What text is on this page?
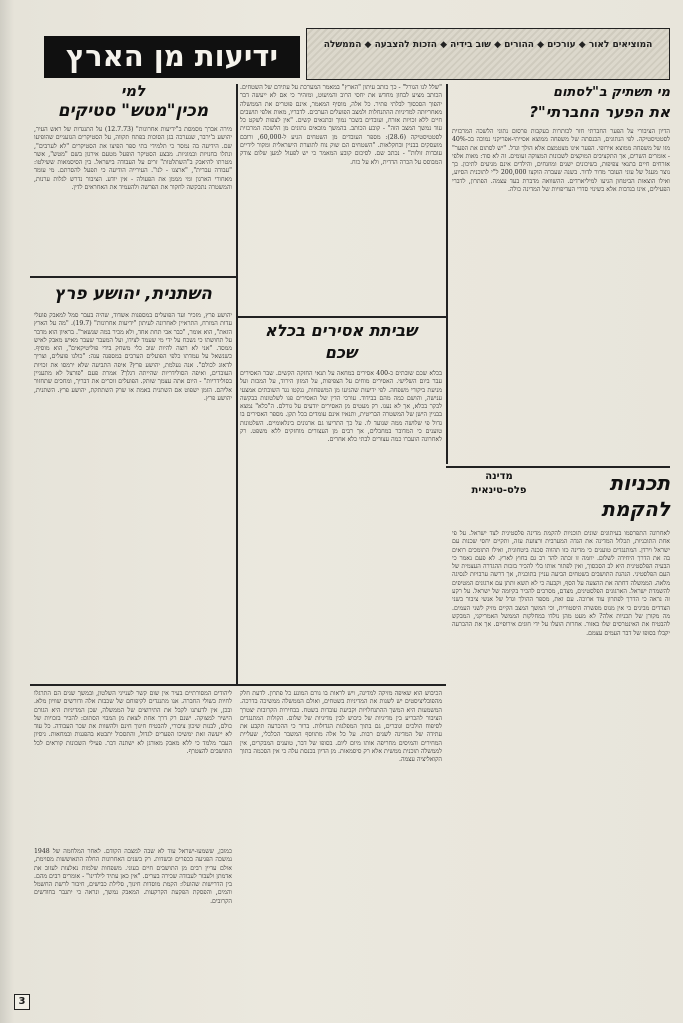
ידיעות מן הארץ	המוציאים לאור ◆ עורכים ◆ ההורים ◆ שוב בידיה ◆ הזכות להצבעה ◆ הממשלה
למי
מכין"מטש" סטיקים
מירה אברך מסמסת ב"ידיעות אחרונות" (12.7.73) על התנגדות של ראש העיר, יהושע ב'ירבר, שנערכה בגן הסוכות בפתח תקווה, על הסטיקרים הגזעניים שהופיעו שם. הידיעה בה נמסר כי תלמידי בתי ספר הפיצו את הסטיקרים "לא לערבים", ונתלו בחנויות ובמוניות. מבצע הסטיקר הופעל מטעם אירגון בשם "מטש", אשר מטרתו להיאבק ב"השתלטות" זרים על העבודה בישראל. בין הסיסמאות ששילטו: "עבודה עברית", "ארצנו - לנו". העירייה הודיעה כי תפעל להסרתם. מי עומד מאחורי הארגון ומי מממן את הפעולה - אין יודע. הציבור נדרש לגלות ערנות, והמשטרה נתבקשה לחקור את הפרשה ולהעמיד את האחראים לדין.
השתנית, יהושע פרץ
יהושע פרץ, מזכיר ועד הפועלים במספנות אשדוד, שהיה בעבר סמל למאבק פועלי עדות המזרח, התראיין לאחרונה לעיתון "ידיעות אחרונות" (19.7). "מה על הארץ הזאת", הוא אומר, "כבר אבי תחת אחד, ולא מכיר במה שנשאר". בראיון הוא מדבר על תחושתו כי נשכח על ידי מי שעמד לצידו, ועל המעבר שעבר מאיש מאבק לאיש ממסד. "אני לא רוצה להיות שוב כלי משחק בידי פוליטיקאים", הוא מוסיף. כשנשאל על עמדתו כלפי הפועלים הערבים במספנה ענה: "כולנו פועלים, וצריך לדאוג לכולם". אנה נעלמת, יהושע פרץ? איפה התביעה שלא ירמסו את זכויות העובדים, ואיפה הסולידריות שהייתה דגלך? אמרת פעם "פורצל לא מתעניין בסולידריות" - היום אתה עצמך שותק. הפועלים זוכרים את דבריך, ומחכים שתחזור אליהם. הזמן ישפוט אם השתנית באמת או שרק השתתקת, יהושע פרץ. השתנית, יהושע פרץ.
"שלל לנו הגורל" - כך כותב עיתון "הארץ" במאמר המערכת על עתידם של השטחים. הכותב מציע לבחון מחדש את יחסי הרוב והמיעוט, ומזהיר כי אם לא ייעשה דבר יהפוך הסכסוך לבלתי פתיר. כל אלה, מוסיף המאמר, אינם פוטרים את הממשלה מאחריותה למדיניות ההתנחלות ולמצב הפועלים הערבים. לדבריו, מאות אלפי תושבים חיים ללא זכויות אזרח, ועובדים בשכר נמוך ובתנאים קשים. "אין לצפות לשקט כל עוד נמשך המצב הזה" - קובע הכותב. בהמשך מובאים נתונים מן הלשכה המרכזית לסטטיסטיקה (28.6): מספר העובדים מן השטחים הגיע ל-60,000, ורובם מועסקים בבניין ובחקלאות. "השטחים הם שוק נוח לתוצרת הישראלית ומקור לידיים עובדות זולות" - נכתב שם. לסיכום קובע המאמר כי יש לפעול למען שלום צודק המבוסס על הכרה הדדית, ולא על כוח.
שביתת אסירים בכלא שכם
בכלא שכם שובתים כ-400 אסירים במחאה על תנאי החזקה הקשים. שבר האסירים עבר ביום השלישי. האסירים מוחים על הצפיפות, על המזון הירוד, על המכות ועל מניעת ביקורי משפחה. לפי ידיעות שהגיעו מן המשפחות, ננקטו נגד השובתים אמצעי ענישה, והושם כמה מהם בבידוד. עורכי הדין של האסירים פנו לשלטונות בבקשה לבקר בכלא, אך לא נענו. רק מעטים מן האסירים יודעים על גורלם. ה"כלא" נמצא בבניין הישן של המשטרה הבריטית, ותנאיו אינם עומדים בכל תקן. מספר האסירים בו גדול פי שלושה ממה שנועד לו. על כך התריעו גם ארגונים בינלאומיים. השלטונות טוענים כי המדובר במחבלים, אך רבים מן העצורים מוחזקים ללא משפט. רק לאחרונה הועברו כמה עצורים לבתי כלא אחרים.
מי תשתיק ב"לסתום
את הפער החברתי"?
הדיון הציבורי על הפער החברתי חזר לכותרות בעקבות פרסום נתוני הלשכה המרכזית לסטטיסטיקה. לפי הנתונים, הכנסתה של משפחה ממוצא אסייתי-אפריקני נמוכה בכ-40% מזו של משפחה ממוצא אירופי. הפער אינו מצטמצם אלא הולך וגדל. "יש לסתום את הפער" - אומרים השרים, אך התקציבים המוקצים לשכונות המצוקה זעומים. זה לא סוד: מאות אלפי אזרחים חיים בתנאי צפיפות, בשיכונים ישנים ומוזנחים, והילדים אינם מגיעים לתיכון. כך נוצר מעגל של עוני העובר מדור לדור. בשנה שעברה הוקצו 200,000 ל"י לתוכנית הסיוע, ואילו הוצאות הביטחון הגיעו למיליארדים. ההשוואה מדברת בעד עצמה. הפתרון, לדברי הפעילים, אינו בנדבות אלא בשינוי סדרי העדיפויות של המדינה כולה.
תכניות להקמת
מדינה פלס-טינאית
לאחרונה התפרסמו בעיתונים שונים תוכניות להקמת מדינה פלסטינית לצד ישראל. על פי אחת התוכניות, תכלול המדינה את הגדה המערבית ורצועת עזה, ותקיים יחסי שכנות עם ישראל וירדן. המתנגדים טוענים כי מדינה כזו תהווה סכנה ביטחונית, ואילו התומכים רואים בה את הדרך היחידה לשלום. יוזמה זו זכתה להד רב גם בחוץ לארץ. לא פעם נאמר כי הבעיה הפלסטינית היא לב הסכסוך, ואין לפתור אותו בלי להכיר בזכות ההגדרה העצמית של העם הפלסטיני. הנהגת התושבים בשטחים הביעה עניין בתוכנית, אך דרשה ערבויות לנסיגה מלאה. הממשלה דחתה את ההצעה על הסף, וקבעה כי לא תשא ותתן עם ארגונים המטיפים להשמדת ישראל. הארגונים הפלסטינים, מצדם, מסרבים להכיר בקיומה של ישראל. על רקע זה נראה כי הדרך לפתרון עוד ארוכה. עם זאת, מספר ההולך וגדל של אנשי ציבור בשני הצדדים מבינים כי אין מנוס מפשרה היסטורית, וכי המשך המצב הקיים מזיק לשני העמים. מה מקורן של תכניות אלה? לא מעט מהן נולדו במחלקות הממשל האמריקני, המבקש להבטיח את האינטרסים שלו באזור. אחרות הועלו על ידי חוגים אירופיים. אך את ההכרעה יקבלו בסופו של דבר העמים עצמם.
הכיבוש הוא שאיפה מזיקה למדינה, ויש לראות בו גורם המונע כל פתרון. לדעת חלק מהפובליציסטים יש לשנות את המדיניות בשטחים, ואולם הממשלה ממשיכה בדרכה. המשמעות היא המשך ההתנחלויות וקביעת עובדות בשטח. בבחירות הקרובות יצטרך הציבור להכריע בין מדיניות של כיבוש לבין מדיניות של שלום. הקולות המתנגדים לסיפוח הולכים וגוברים, גם בתוך המפלגות הגדולות. ברור כי ההכרעה תקבע את עתידה של המדינה לשנים רבות. על כל אלה מתווסף המשבר הכלכלי, שעליית המחירים והמיסים מחריפה אותו מיום ליום. בסופו של דבר, טוענים המבקרים, אין לממשלה תוכנית ממשית אלא רק סיסמאות. מן הדיון בכנסת עלה כי אין הסכמה בתוך הקואליציה עצמה.
ליהודים המסורתיים בעיר אין שום קשר לענייני השלטון, ובמשך שנים הם התרגלו לחיות בשולי החברה. אנו מתנגדים לקיפוחם של שכבות אלה ודורשים שוויון מלא. ובכן, אין לדעתנו לקבל את התירוצים של הממשלה, שכן המדיניות היא הגורם הישיר למצוקה. ישנם רק דרך אחת לצאת מן המבוי הסתום: להכיר בזכויות של כולם, לבנות שיכון ציבורי, להבטיח חינוך חינם ולהשוות את שכר העבודה. כל עוד לא ייעשה זאת ימשיכו הפערים לגדול, והתסכול יתבטא בהפגנות ובמחאות. ניסיון העבר מלמד כי ללא מאבק מאורגן לא ישתנה דבר. פעילי השכונות קוראים לכל התושבים להצטרף.
כמובן, ששמעו-ישראל עוד לא שבה למצבה הקודם. לאחר המלחמה של 1948 נמשכה הפגיעה בכפרים ובשדות. רק בשנים האחרונות החלה התאוששות מסוימת, אולם עדיין רבים מן התושבים חיים בעוני. משפחות שלמות נאלצות לעזוב את אדמתן ולעבור לעבודה שכירה בערים. "אין כאן עתיד לילדינו" - אומרים רבים מהם. בין הדרישות שהועלו: הקמת מוסדות חינוך, סלילת כבישים, חיבור לרשת החשמל והמים, והפסקת הפקעת הקרקעות. המאבק נמשך, ונראה כי יתגבר בחודשים הקרובים.
3
